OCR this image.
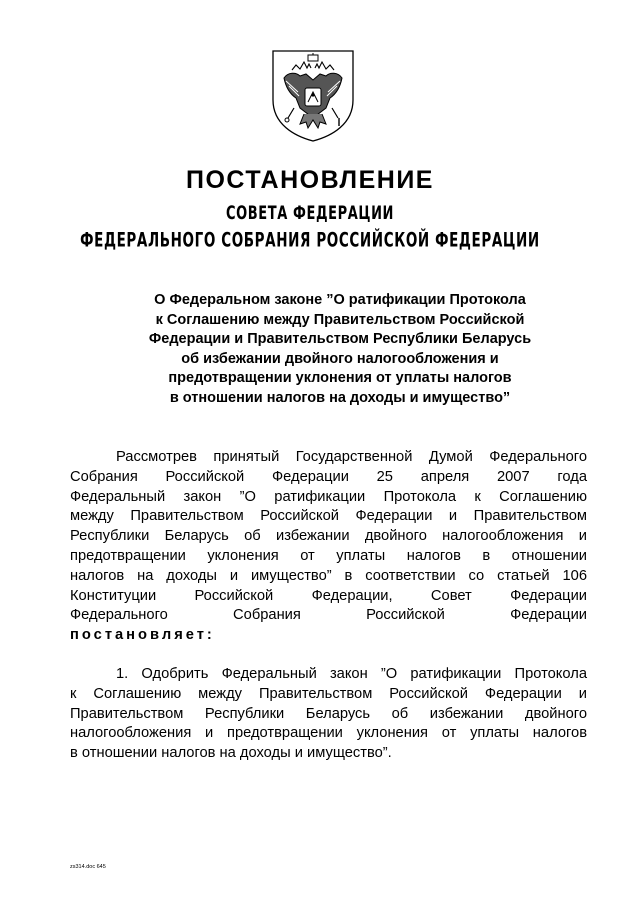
ПОСТАНОВЛЕНИЕ
СОВЕТА ФЕДЕРАЦИИ
ФЕДЕРАЛЬНОГО СОБРАНИЯ РОССИЙСКОЙ ФЕДЕРАЦИИ
О Федеральном законе ”О ратификации Протокола
к Соглашению между Правительством Российской
Федерации и Правительством Республики Беларусь
об избежании двойного налогообложения и
предотвращении уклонения от уплаты налогов
в отношении налогов на доходы и имущество”
Рассмотрев принятый Государственной Думой Федерального
Собрания Российской Федерации 25 апреля 2007 года
Федеральный закон ”О ратификации Протокола к Соглашению
между Правительством Российской Федерации и Правительством
Республики Беларусь об избежании двойного налогообложения и
предотвращении уклонения от уплаты налогов в отношении
налогов на доходы и имущество” в соответствии со статьей 106
Конституции Российской Федерации, Совет Федерации
Федерального Собрания Российской Федерации
постановляет:
1. Одобрить Федеральный закон ”О ратификации Протокола
к Соглашению между Правительством Российской Федерации и
Правительством Республики Беларусь об избежании двойного
налогообложения и предотвращении уклонения от уплаты налогов
в отношении налогов на доходы и имущество”.
zs314.doc 645
